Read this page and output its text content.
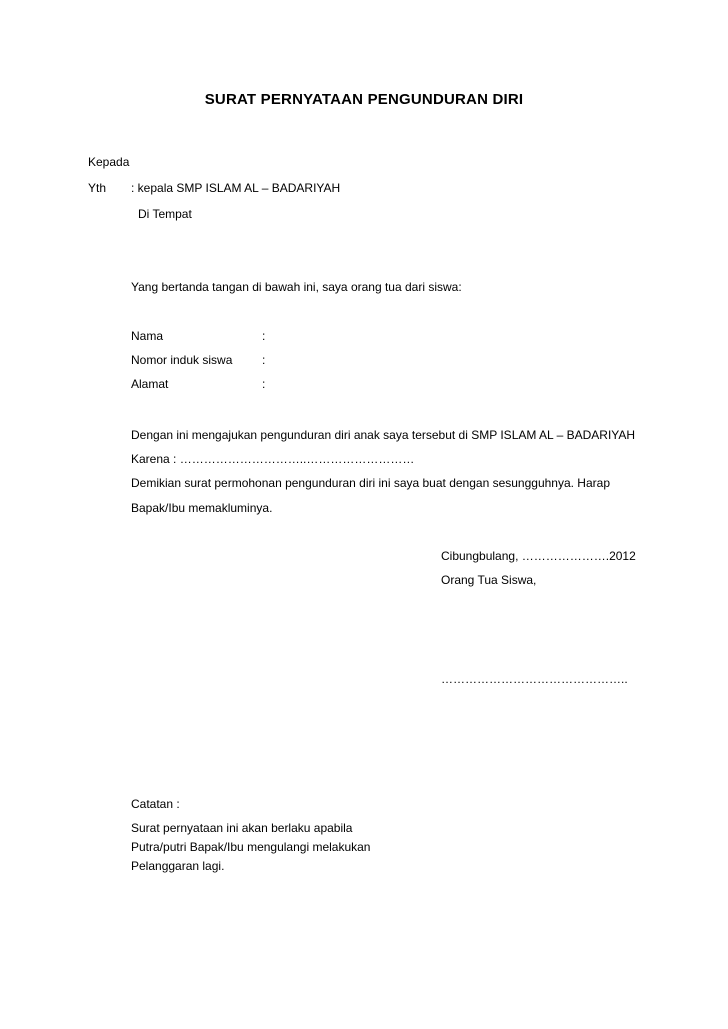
SURAT PERNYATAAN PENGUNDURAN DIRI
Kepada
Yth : kepala SMP ISLAM AL – BADARIYAH
Di Tempat
Yang bertanda tangan di bawah ini, saya orang tua dari siswa:
Nama	:
Nomor induk siswa :
Alamat	:
Dengan ini mengajukan pengunduran diri anak saya tersebut di SMP ISLAM AL – BADARIYAH
Karena : …………………………..………………………
Demikian surat permohonan pengunduran diri ini saya buat dengan sesungguhnya. Harap
Bapak/Ibu memakluminya.
Cibungbulang, ………………….2012
Orang Tua Siswa,
………………………………………..
Catatan :
Surat pernyataan ini akan berlaku apabila
Putra/putri Bapak/Ibu mengulangi melakukan
Pelanggaran lagi.
